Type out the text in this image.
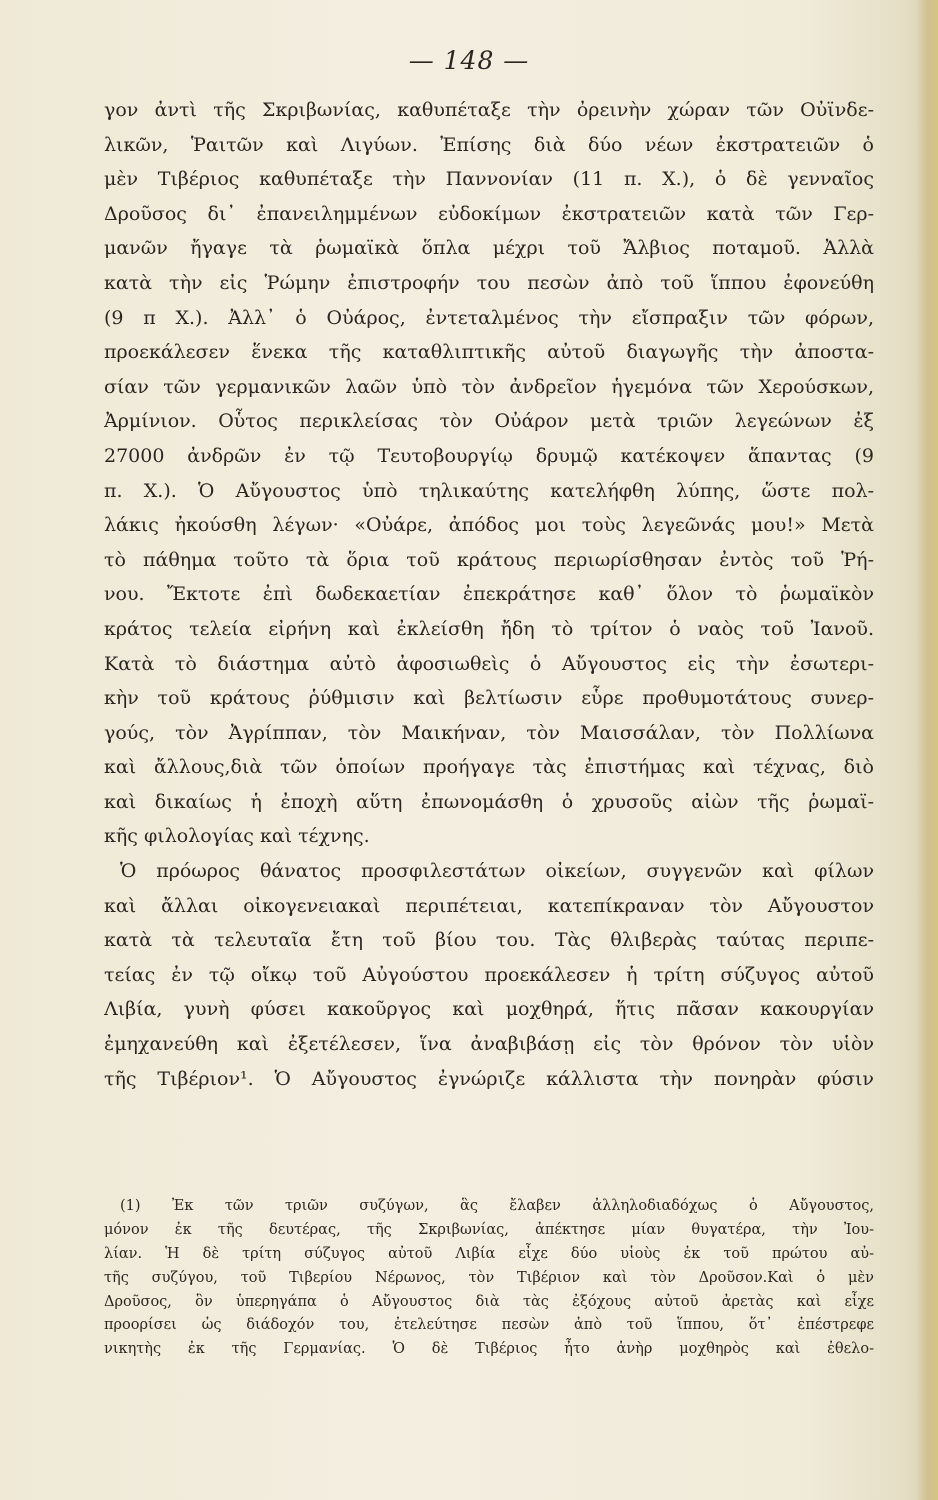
— 148 —
γον ἀντὶ τῆς Σκριβωνίας, καθυπέταξε τὴν ὀρεινὴν χώραν τῶν Οὐϊνδε-
λικῶν, Ῥαιτῶν καὶ Λιγύων. Ἐπίσης διὰ δύο νέων ἐκστρατειῶν ὁ
μὲν Τιβέριος καθυπέταξε τὴν Παννονίαν (11 π. Χ.), ὁ δὲ γενναῖος
Δροῦσος δι᾿ ἐπανειλημμένων εὐδοκίμων ἐκστρατειῶν κατὰ τῶν Γερ-
μανῶν ἤγαγε τὰ ῥωμαϊκὰ ὅπλα μέχρι τοῦ Ἄλβιος ποταμοῦ. Ἀλλὰ
κατὰ τὴν εἰς Ῥώμην ἐπιστροφήν του πεσὼν ἀπὸ τοῦ ἵππου ἐφονεύθη
(9 π Χ.). Ἀλλ᾿ ὁ Οὐάρος, ἐντεταλμένος τὴν εἴσπραξιν τῶν φόρων,
προεκάλεσεν ἕνεκα τῆς καταθλιπτικῆς αὐτοῦ διαγωγῆς τὴν ἀποστα-
σίαν τῶν γερμανικῶν λαῶν ὑπὸ τὸν ἀνδρεῖον ἡγεμόνα τῶν Χερούσκων,
Ἀρμίνιον. Οὗτος περικλείσας τὸν Οὐάρον μετὰ τριῶν λεγεώνων ἐξ
27000 ἀνδρῶν ἐν τῷ Τευτοβουργίῳ δρυμῷ κατέκοψεν ἅπαντας (9
π. Χ.). Ὁ Αὔγουστος ὑπὸ τηλικαύτης κατελήφθη λύπης, ὥστε πολ-
λάκις ἠκούσθη λέγων· «Οὐάρε, ἀπόδος μοι τοὺς λεγεῶνάς μου!» Μετὰ
τὸ πάθημα τοῦτο τὰ ὅρια τοῦ κράτους περιωρίσθησαν ἐντὸς τοῦ Ῥή-
νου. Ἔκτοτε ἐπὶ δωδεκαετίαν ἐπεκράτησε καθ᾿ ὅλον τὸ ῥωμαϊκὸν
κράτος τελεία εἰρήνη καὶ ἐκλείσθη ἤδη τὸ τρίτον ὁ ναὸς τοῦ Ἰανοῦ.
Κατὰ τὸ διάστημα αὐτὸ ἀφοσιωθεὶς ὁ Αὔγουστος εἰς τὴν ἐσωτερι-
κὴν τοῦ κράτους ῥύθμισιν καὶ βελτίωσιν εὗρε προθυμοτάτους συνερ-
γούς, τὸν Ἀγρίππαν, τὸν Μαικήναν, τὸν Μαισσάλαν, τὸν Πολλίωνα
καὶ ἄλλους,διὰ τῶν ὁποίων προήγαγε τὰς ἐπιστήμας καὶ τέχνας, διὸ
καὶ δικαίως ἡ ἐποχὴ αὕτη ἐπωνομάσθη ὁ χρυσοῦς αἰὼν τῆς ῥωμαϊ-
κῆς φιλολογίας καὶ τέχνης.
Ὁ πρόωρος θάνατος προσφιλεστάτων οἰκείων, συγγενῶν καὶ φίλων
καὶ ἄλλαι οἰκογενειακαὶ περιπέτειαι, κατεπίκραναν τὸν Αὔγουστον
κατὰ τὰ τελευταῖα ἔτη τοῦ βίου του. Τὰς θλιβερὰς ταύτας περιπε-
τείας ἐν τῷ οἴκῳ τοῦ Αὐγούστου προεκάλεσεν ἡ τρίτη σύζυγος αὐτοῦ
Λιβία, γυνὴ φύσει κακοῦργος καὶ μοχθηρά, ἥτις πᾶσαν κακουργίαν
ἐμηχανεύθη καὶ ἐξετέλεσεν, ἵνα ἀναβιβάσῃ εἰς τὸν θρόνον τὸν υἱὸν
τῆς Τιβέριον¹. Ὁ Αὔγουστος ἐγνώριζε κάλλιστα τὴν πονηρὰν φύσιν
(1) Ἐκ τῶν τριῶν συζύγων, ἃς ἔλαβεν ἀλληλοδιαδόχως ὁ Αὔγουστος,
μόνον ἐκ τῆς δευτέρας, τῆς Σκριβωνίας, ἀπέκτησε μίαν θυγατέρα, τὴν Ἰου-
λίαν. Ἡ δὲ τρίτη σύζυγος αὐτοῦ Λιβία εἶχε δύο υἱοὺς ἐκ τοῦ πρώτου αὐ-
τῆς συζύγου, τοῦ Τιβερίου Νέρωνος, τὸν Τιβέριον καὶ τὸν Δροῦσον.Καὶ ὁ μὲν
Δροῦσος, ὃν ὑπερηγάπα ὁ Αὔγουστος διὰ τὰς ἐξόχους αὐτοῦ ἀρετὰς καὶ εἶχε
προορίσει ὡς διάδοχόν του, ἐτελεύτησε πεσὼν ἀπὸ τοῦ ἵππου, ὅτ᾿ ἐπέστρεφε
νικητὴς ἐκ τῆς Γερμανίας. Ὁ δὲ Τιβέριος ἦτο ἀνὴρ μοχθηρὸς καὶ ἐθελο-
